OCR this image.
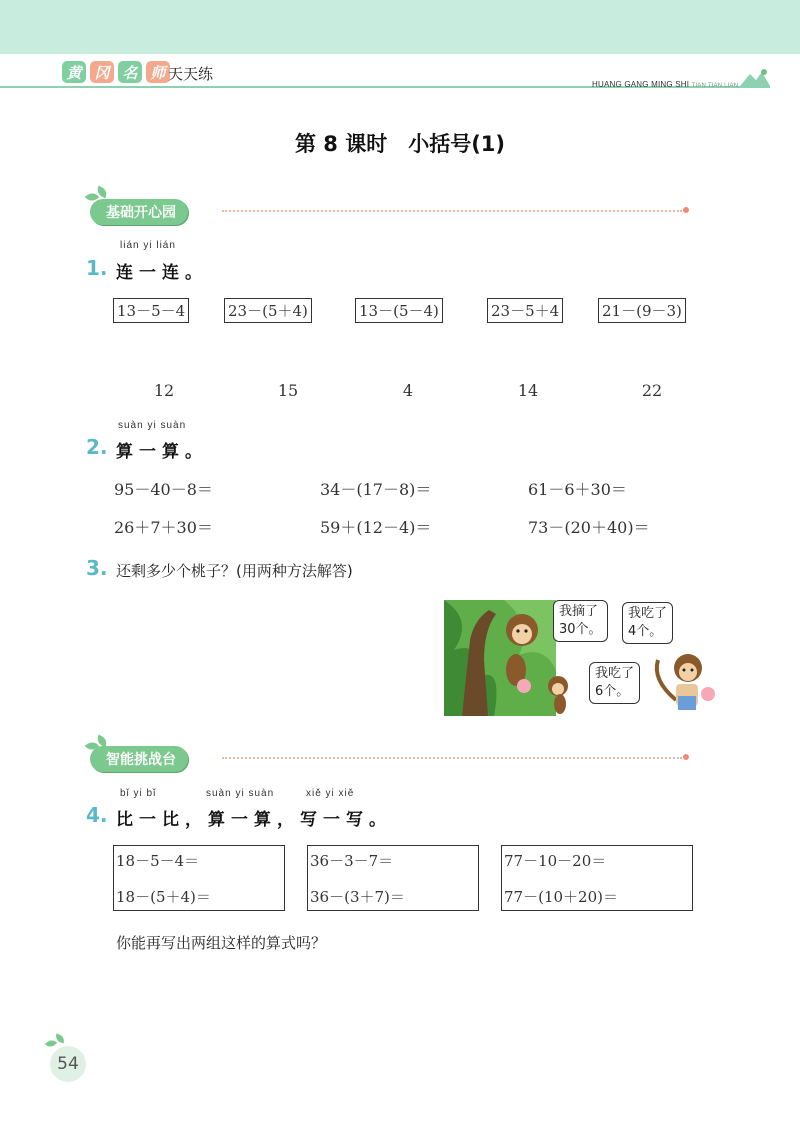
黄 冈 名 师 天天练
HUANG GANG MING SHI TIAN TIAN LIAN
第 8 课时　小括号(1)
基础开心园
lián yi lián
1. 连一连。
13－5－4	23－(5＋4)	13－(5－4)	23－5＋4	21－(9－3)
12	15	4	14	22
suàn yi suàn
2. 算一算。
95－40－8＝	34－(17－8)＝	61－6＋30＝
26＋7＋30＝	59＋(12－4)＝	73－(20＋40)＝
3. 还剩多少个桃子？(用两种方法解答)
我摘了
30个。
我吃了
4个。
我吃了
6个。
智能挑战台
bǐ yi bǐ	suàn yi suàn	xiě yi xiě
4. 比一比，算一算，写一写。
18－5－4＝
18－(5＋4)＝
36－3－7＝
36－(3＋7)＝
77－10－20＝
77－(10＋20)＝
你能再写出两组这样的算式吗？
54
